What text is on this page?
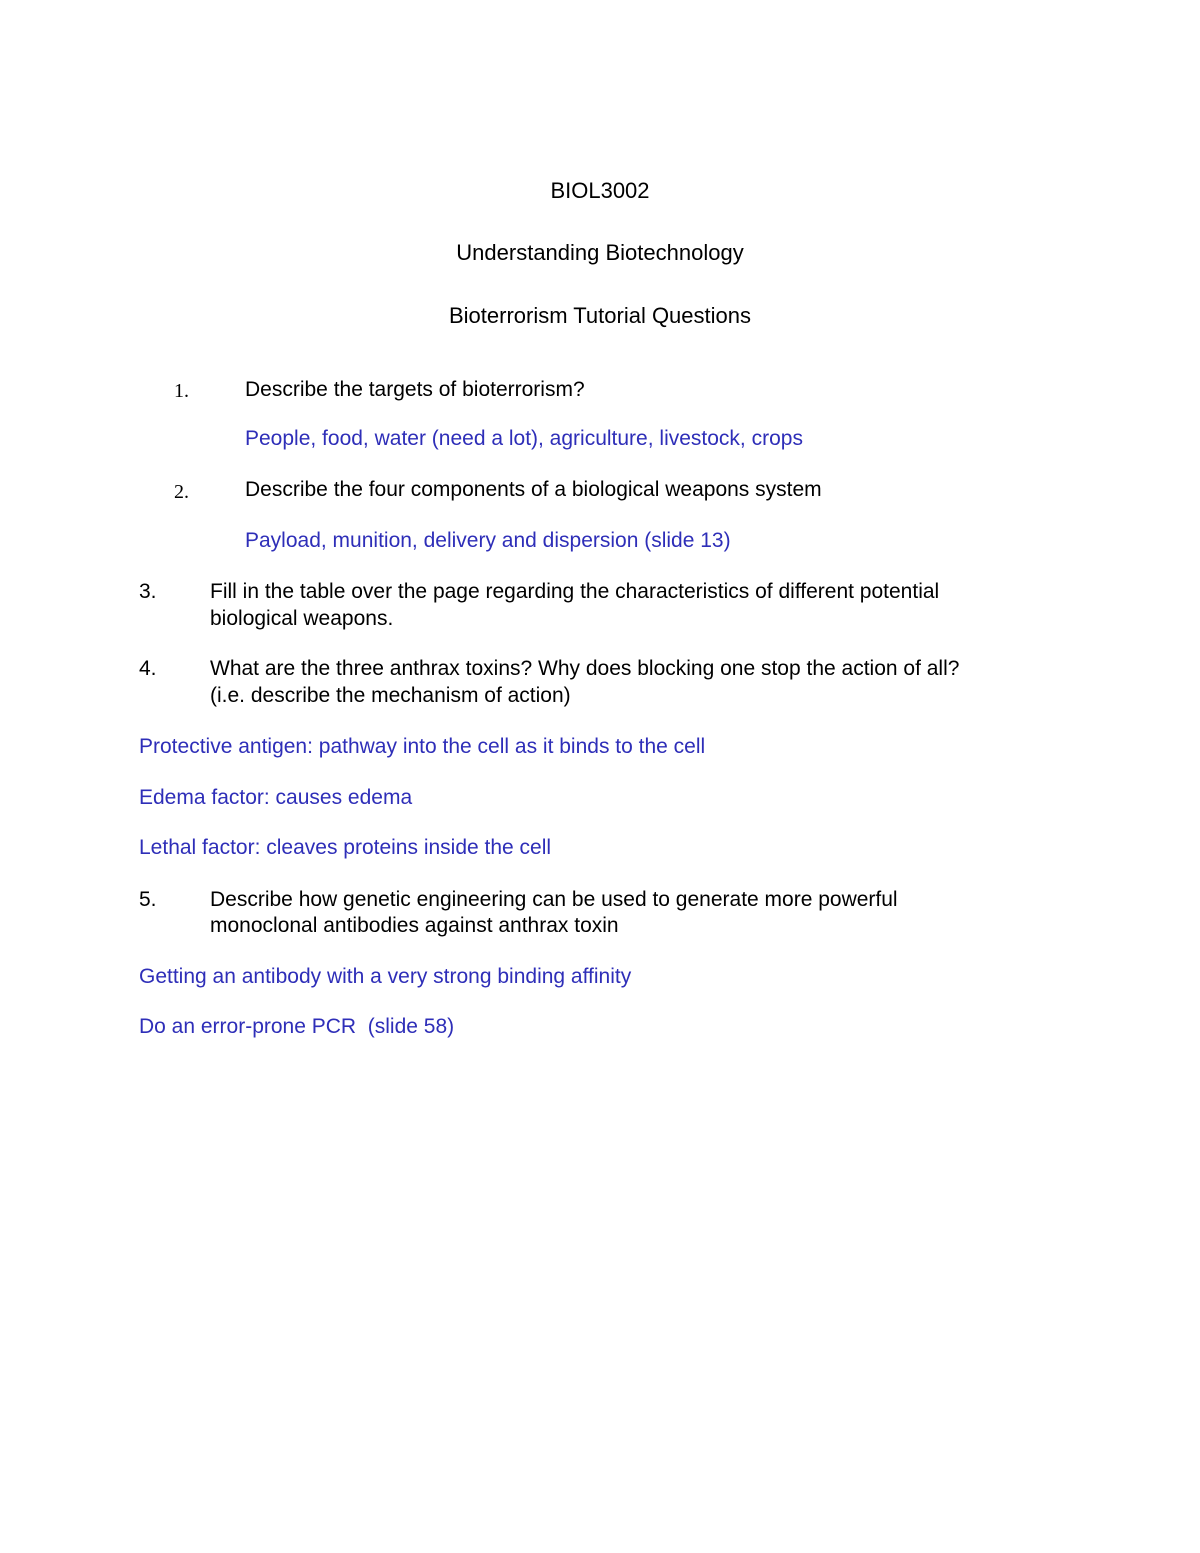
BIOL3002
Understanding Biotechnology
Bioterrorism Tutorial Questions
1.	Describe the targets of bioterrorism?
People, food, water (need a lot), agriculture, livestock, crops
2.	Describe the four components of a biological weapons system
Payload, munition, delivery and dispersion (slide 13)
3.	Fill in the table over the page regarding the characteristics of different potential
biological weapons.
4.	What are the three anthrax toxins? Why does blocking one stop the action of all?
(i.e. describe the mechanism of action)
Protective antigen: pathway into the cell as it binds to the cell
Edema factor: causes edema
Lethal factor: cleaves proteins inside the cell
5.	Describe how genetic engineering can be used to generate more powerful
monoclonal antibodies against anthrax toxin
Getting an antibody with a very strong binding affinity
Do an error-prone PCR  (slide 58)
